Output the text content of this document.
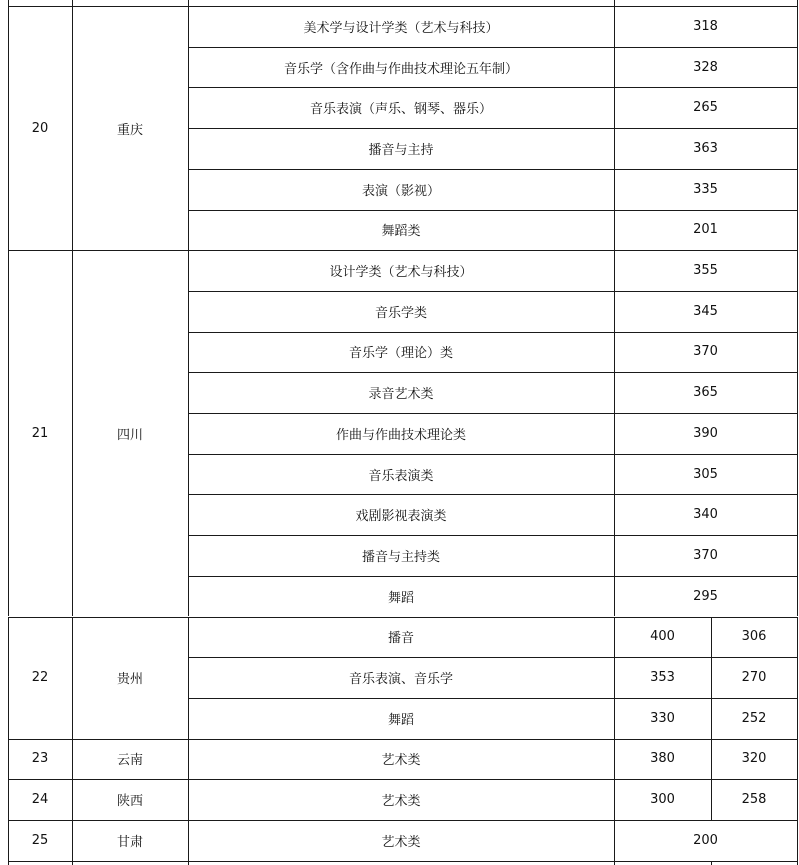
20	重庆
美术学与设计学类（艺术与科技）	318
音乐学（含作曲与作曲技术理论五年制）	328
音乐表演（声乐、钢琴、器乐）	265
播音与主持	363
表演（影视）	335
舞蹈类	201
21	四川
设计学类（艺术与科技）	355
音乐学类	345
音乐学（理论）类	370
录音艺术类	365
作曲与作曲技术理论类	390
音乐表演类	305
戏剧影视表演类	340
播音与主持类	370
舞蹈	295
22	贵州
播音	400	306
音乐表演、音乐学	353	270
舞蹈	330	252
23	云南	艺术类	380	320
24	陕西	艺术类	300	258
25	甘肃	艺术类	200
